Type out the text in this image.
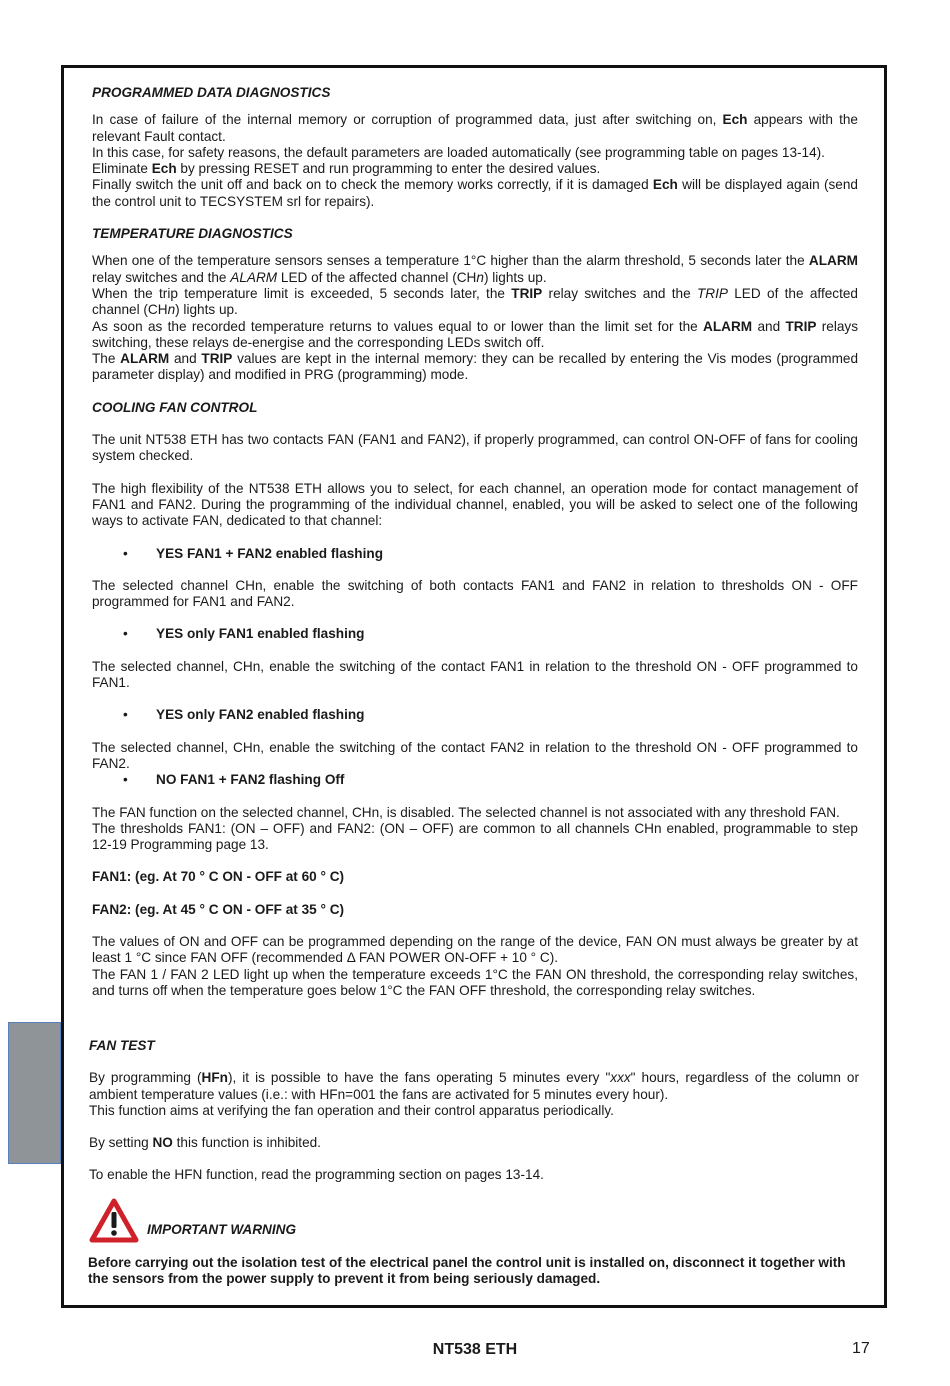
PROGRAMMED DATA DIAGNOSTICS

In case of failure of the internal memory or corruption of programmed data, just after switching on, Ech appears with the relevant Fault contact.

In this case, for safety reasons, the default parameters are loaded automatically (see programming table on pages 13-14).

Eliminate Ech by pressing RESET and run programming to enter the desired values.

Finally switch the unit off and back on to check the memory works correctly, if it is damaged Ech will be displayed again (send the control unit to TECSYSTEM srl for repairs).

TEMPERATURE DIAGNOSTICS

When one of the temperature sensors senses a temperature 1°C higher than the alarm threshold, 5 seconds later the ALARM relay switches and the ALARM LED of the affected channel (CHn) lights up.

When the trip temperature limit is exceeded, 5 seconds later, the TRIP relay switches and the TRIP LED of the affected channel (CHn) lights up.

As soon as the recorded temperature returns to values equal to or lower than the limit set for the ALARM and TRIP relays switching, these relays de-energise and the corresponding LEDs switch off.

The ALARM and TRIP values are kept in the internal memory: they can be recalled by entering the Vis modes (programmed parameter display) and modified in PRG (programming) mode.

COOLING FAN CONTROL

The unit NT538 ETH has two contacts FAN (FAN1 and FAN2), if properly programmed, can control ON-OFF of fans for cooling system checked.

The high flexibility of the NT538 ETH allows you to select, for each channel, an operation mode for contact management of FAN1 and FAN2. During the programming of the individual channel, enabled, you will be asked to select one of the following ways to activate FAN, dedicated to that channel:

•	YES FAN1 + FAN2 enabled flashing

The selected channel CHn, enable the switching of both contacts FAN1 and FAN2 in relation to thresholds ON - OFF programmed for FAN1 and FAN2.

•	YES only FAN1 enabled flashing

The selected channel, CHn, enable the switching of the contact FAN1 in relation to the threshold ON - OFF programmed to FAN1.

•	YES only FAN2 enabled flashing

The selected channel, CHn, enable the switching of the contact FAN2 in relation to the threshold ON - OFF programmed to FAN2.

•	NO FAN1 + FAN2 flashing Off

The FAN function on the selected channel, CHn, is disabled. The selected channel is not associated with any threshold FAN.

The thresholds FAN1: (ON – OFF) and FAN2: (ON – OFF) are common to all channels CHn enabled, programmable to step 12-19 Programming page 13.

FAN1: (eg. At 70 ° C ON - OFF at 60 ° C)

FAN2: (eg. At 45 ° C ON - OFF at 35 ° C)

The values of ON and OFF can be programmed depending on the range of the device, FAN ON must always be greater by at least 1 °C since FAN OFF (recommended Δ FAN POWER ON-OFF + 10 ° C).

The FAN 1 / FAN 2 LED light up when the temperature exceeds 1°C the FAN ON threshold, the corresponding relay switches, and turns off when the temperature goes below 1°C the FAN OFF threshold, the corresponding relay switches.

FAN TEST

By programming (HFn), it is possible to have the fans operating 5 minutes every "xxx" hours, regardless of the column or ambient temperature values (i.e.: with HFn=001 the fans are activated for 5 minutes every hour).

This function aims at verifying the fan operation and their control apparatus periodically.

By setting NO this function is inhibited.

To enable the HFN function, read the programming section on pages 13-14.

IMPORTANT WARNING
Before carrying out the isolation test of the electrical panel the control unit is installed on, disconnect it together with the sensors from the power supply to prevent it from being seriously damaged.
NT538 ETH	17
